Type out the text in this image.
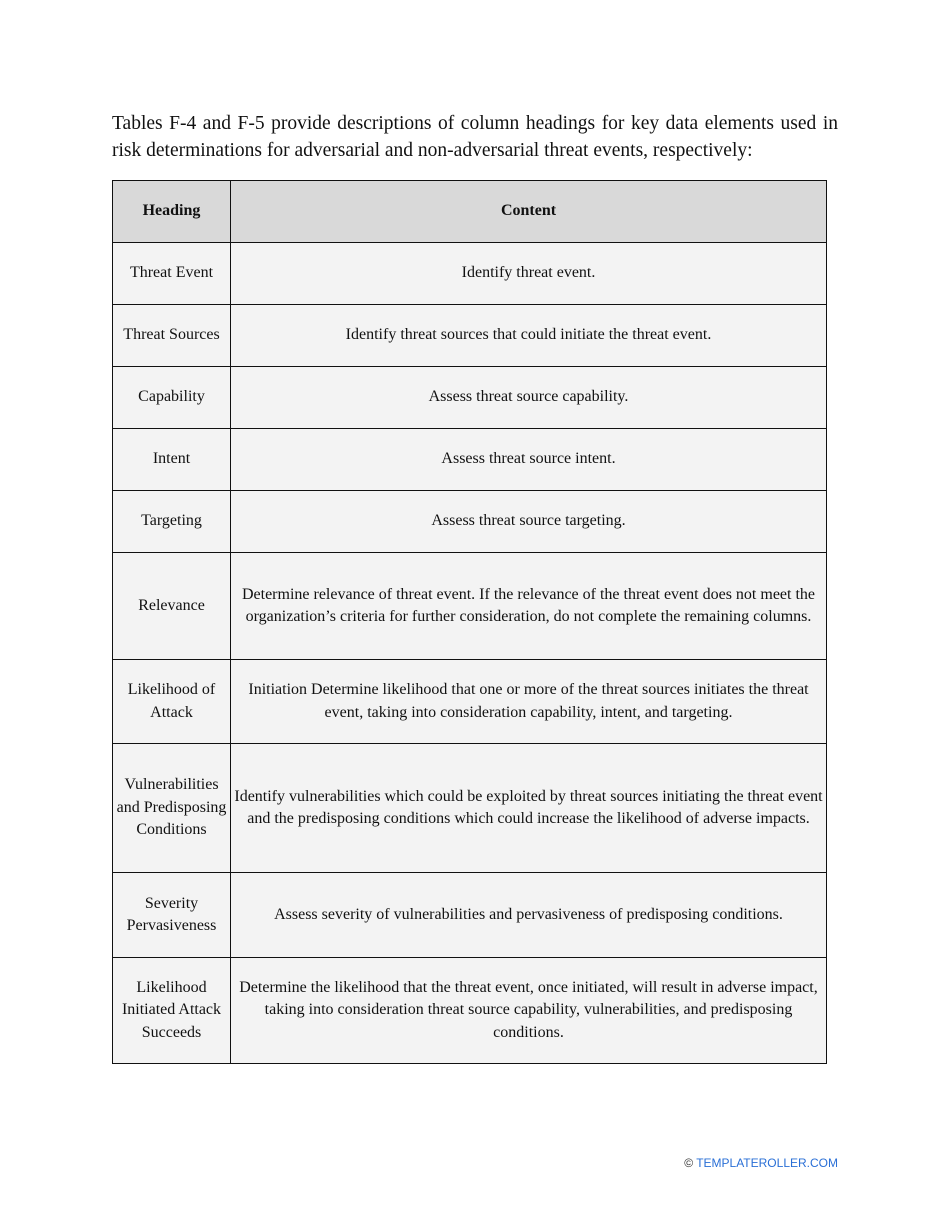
Tables F-4 and F-5 provide descriptions of column headings for key data elements used in risk determinations for adversarial and non-adversarial threat events, respectively:

Heading	Content
Threat Event	Identify threat event.
Threat Sources	Identify threat sources that could initiate the threat event.
Capability	Assess threat source capability.
Intent	Assess threat source intent.
Targeting	Assess threat source targeting.
Relevance	Determine relevance of threat event. If the relevance of the threat event does not meet the organization’s criteria for further consideration, do not complete the remaining columns.
Likelihood of Attack	Initiation Determine likelihood that one or more of the threat sources initiates the threat event, taking into consideration capability, intent, and targeting.
Vulnerabilities and Predisposing Conditions	Identify vulnerabilities which could be exploited by threat sources initiating the threat event and the predisposing conditions which could increase the likelihood of adverse impacts.
Severity Pervasiveness	Assess severity of vulnerabilities and pervasiveness of predisposing conditions.
Likelihood Initiated Attack Succeeds	Determine the likelihood that the threat event, once initiated, will result in adverse impact, taking into consideration threat source capability, vulnerabilities, and predisposing conditions.
© TEMPLATEROLLER.COM
